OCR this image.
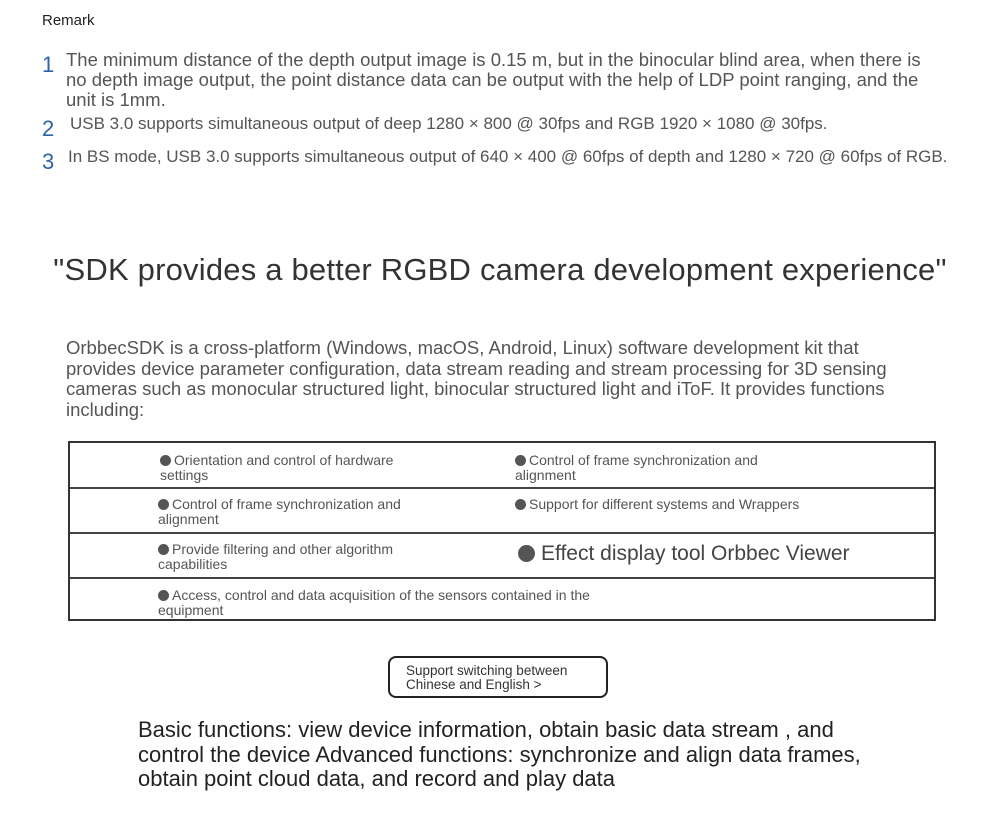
Remark
1 The minimum distance of the depth output image is 0.15 m, but in the binocular blind area, when there is no depth image output, the point distance data can be output with the help of LDP point ranging, and the unit is 1mm.
2 USB 3.0 supports simultaneous output of deep 1280 × 800 @ 30fps and RGB 1920 × 1080 @ 30fps.
3 In BS mode, USB 3.0 supports simultaneous output of 640 × 400 @ 60fps of depth and 1280 × 720 @ 60fps of RGB.
"SDK provides a better RGBD camera development experience"
OrbbecSDK is a cross-platform (Windows, macOS, Android, Linux) software development kit that provides device parameter configuration, data stream reading and stream processing for 3D sensing cameras such as monocular structured light, binocular structured light and iToF. It provides functions including:
Orientation and control of hardware settings
Control of frame synchronization and alignment
Control of frame synchronization and alignment
Support for different systems and Wrappers
Provide filtering and other algorithm capabilities	Effect display tool Orbbec Viewer
Access, control and data acquisition of the sensors contained in the equipment
Support switching between Chinese and English >
Basic functions: view device information, obtain basic data stream , and control the device Advanced functions: synchronize and align data frames, obtain point cloud data, and record and play data
